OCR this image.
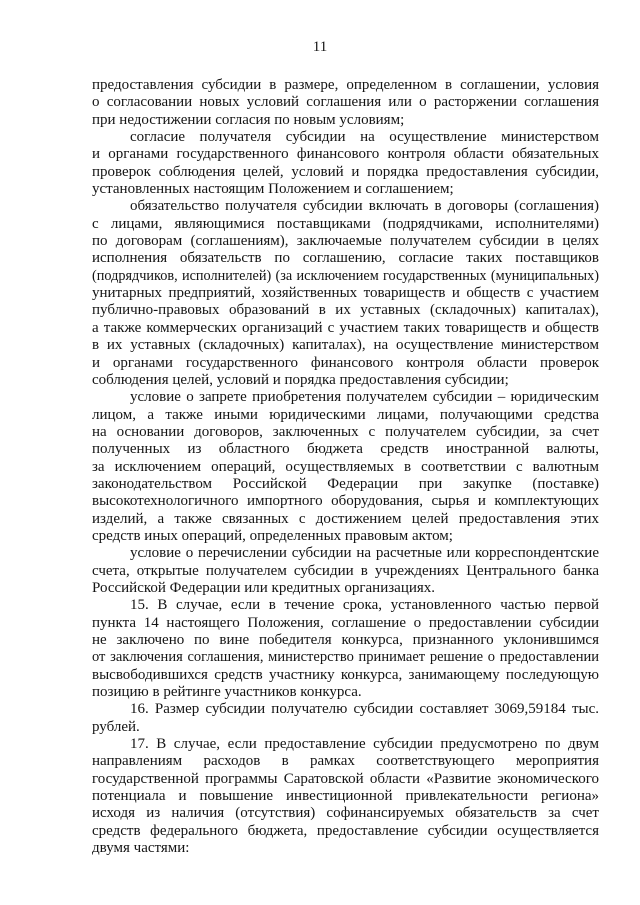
11

предоставления субсидии в размере, определенном в соглашении, условия
о согласовании новых условий соглашения или о расторжении соглашения
при недостижении согласия по новым условиям;

согласие получателя субсидии на осуществление министерством
и органами государственного финансового контроля области обязательных
проверок соблюдения целей, условий и порядка предоставления субсидии,
установленных настоящим Положением и соглашением;

обязательство получателя субсидии включать в договоры (соглашения)
с лицами, являющимися поставщиками (подрядчиками, исполнителями)
по договорам (соглашениям), заключаемые получателем субсидии в целях
исполнения обязательств по соглашению, согласие таких поставщиков
(подрядчиков, исполнителей) (за исключением государственных (муниципальных)
унитарных предприятий, хозяйственных товариществ и обществ с участием
публично-правовых образований в их уставных (складочных) капиталах),
а также коммерческих организаций с участием таких товариществ и обществ
в их уставных (складочных) капиталах), на осуществление министерством
и органами государственного финансового контроля области проверок
соблюдения целей, условий и порядка предоставления субсидии;

условие о запрете приобретения получателем субсидии – юридическим
лицом, а также иными юридическими лицами, получающими средства
на основании договоров, заключенных с получателем субсидии, за счет
полученных из областного бюджета средств иностранной валюты,
за исключением операций, осуществляемых в соответствии с валютным
законодательством Российской Федерации при закупке (поставке)
высокотехнологичного импортного оборудования, сырья и комплектующих
изделий, а также связанных с достижением целей предоставления этих
средств иных операций, определенных правовым актом;

условие о перечислении субсидии на расчетные или корреспондентские
счета, открытые получателем субсидии в учреждениях Центрального банка
Российской Федерации или кредитных организациях.

15. В случае, если в течение срока, установленного частью первой
пункта 14 настоящего Положения, соглашение о предоставлении субсидии
не заключено по вине победителя конкурса, признанного уклонившимся
от заключения соглашения, министерство принимает решение о предоставлении
высвободившихся средств участнику конкурса, занимающему последующую
позицию в рейтинге участников конкурса.

16. Размер субсидии получателю субсидии составляет 3069,59184 тыс.
рублей.

17. В случае, если предоставление субсидии предусмотрено по двум
направлениям расходов в рамках соответствующего мероприятия
государственной программы Саратовской области «Развитие экономического
потенциала и повышение инвестиционной привлекательности региона»
исходя из наличия (отсутствия) софинансируемых обязательств за счет
средств федерального бюджета, предоставление субсидии осуществляется
двумя частями:
